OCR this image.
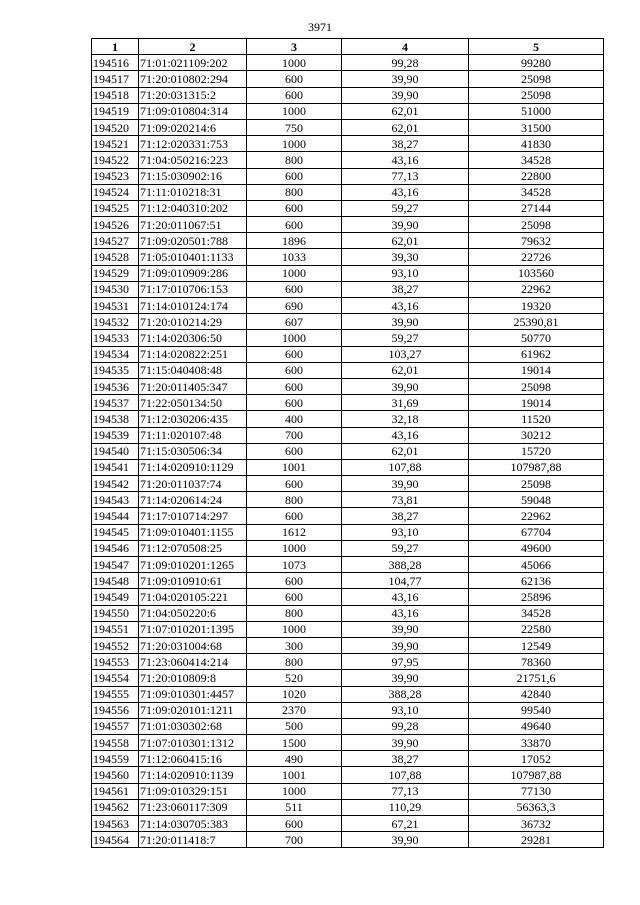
3971
1	2	3	4	5
194516	71:01:021109:202	1000	99,28	99280
194517	71:20:010802:294	600	39,90	25098
194518	71:20:031315:2	600	39,90	25098
194519	71:09:010804:314	1000	62,01	51000
194520	71:09:020214:6	750	62,01	31500
194521	71:12:020331:753	1000	38,27	41830
194522	71:04:050216:223	800	43,16	34528
194523	71:15:030902:16	600	77,13	22800
194524	71:11:010218:31	800	43,16	34528
194525	71:12:040310:202	600	59,27	27144
194526	71:20:011067:51	600	39,90	25098
194527	71:09:020501:788	1896	62,01	79632
194528	71:05:010401:1133	1033	39,30	22726
194529	71:09:010909:286	1000	93,10	103560
194530	71:17:010706:153	600	38,27	22962
194531	71:14:010124:174	690	43,16	19320
194532	71:20:010214:29	607	39,90	25390,81
194533	71:14:020306:50	1000	59,27	50770
194534	71:14:020822:251	600	103,27	61962
194535	71:15:040408:48	600	62,01	19014
194536	71:20:011405:347	600	39,90	25098
194537	71:22:050134:50	600	31,69	19014
194538	71:12:030206:435	400	32,18	11520
194539	71:11:020107:48	700	43,16	30212
194540	71:15:030506:34	600	62,01	15720
194541	71:14:020910:1129	1001	107,88	107987,88
194542	71:20:011037:74	600	39,90	25098
194543	71:14:020614:24	800	73,81	59048
194544	71:17:010714:297	600	38,27	22962
194545	71:09:010401:1155	1612	93,10	67704
194546	71:12:070508:25	1000	59,27	49600
194547	71:09:010201:1265	1073	388,28	45066
194548	71:09:010910:61	600	104,77	62136
194549	71:04:020105:221	600	43,16	25896
194550	71:04:050220:6	800	43,16	34528
194551	71:07:010201:1395	1000	39,90	22580
194552	71:20:031004:68	300	39,90	12549
194553	71:23:060414:214	800	97,95	78360
194554	71:20:010809:8	520	39,90	21751,6
194555	71:09:010301:4457	1020	388,28	42840
194556	71:09:020101:1211	2370	93,10	99540
194557	71:01:030302:68	500	99,28	49640
194558	71:07:010301:1312	1500	39,90	33870
194559	71:12:060415:16	490	38,27	17052
194560	71:14:020910:1139	1001	107,88	107987,88
194561	71:09:010329:151	1000	77,13	77130
194562	71:23:060117:309	511	110,29	56363,3
194563	71:14:030705:383	600	67,21	36732
194564	71:20:011418:7	700	39,90	29281
